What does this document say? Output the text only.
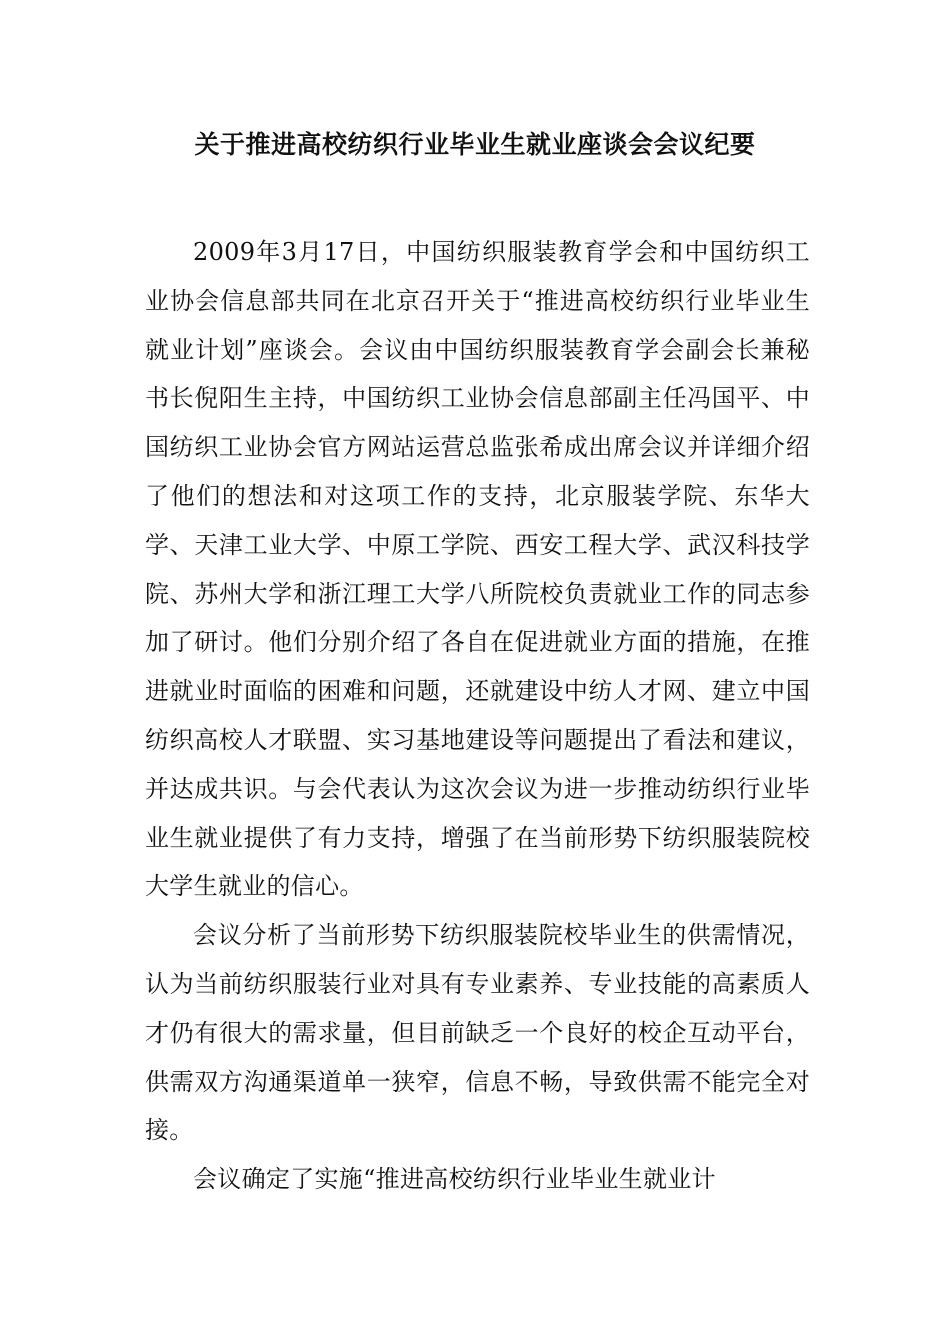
关于推进高校纺织行业毕业生就业座谈会会议纪要

2009年3月17日，中国纺织服装教育学会和中国纺织工业协会信息部共同在北京召开关于“推进高校纺织行业毕业生就业计划”座谈会。会议由中国纺织服装教育学会副会长兼秘书长倪阳生主持，中国纺织工业协会信息部副主任冯国平、中国纺织工业协会官方网站运营总监张希成出席会议并详细介绍了他们的想法和对这项工作的支持，北京服装学院、东华大学、天津工业大学、中原工学院、西安工程大学、武汉科技学院、苏州大学和浙江理工大学八所院校负责就业工作的同志参加了研讨。他们分别介绍了各自在促进就业方面的措施，在推进就业时面临的困难和问题，还就建设中纺人才网、建立中国纺织高校人才联盟、实习基地建设等问题提出了看法和建议，并达成共识。与会代表认为这次会议为进一步推动纺织行业毕业生就业提供了有力支持，增强了在当前形势下纺织服装院校大学生就业的信心。

会议分析了当前形势下纺织服装院校毕业生的供需情况，认为当前纺织服装行业对具有专业素养、专业技能的高素质人才仍有很大的需求量，但目前缺乏一个良好的校企互动平台，供需双方沟通渠道单一狭窄，信息不畅，导致供需不能完全对接。

会议确定了实施“推进高校纺织行业毕业生就业计
